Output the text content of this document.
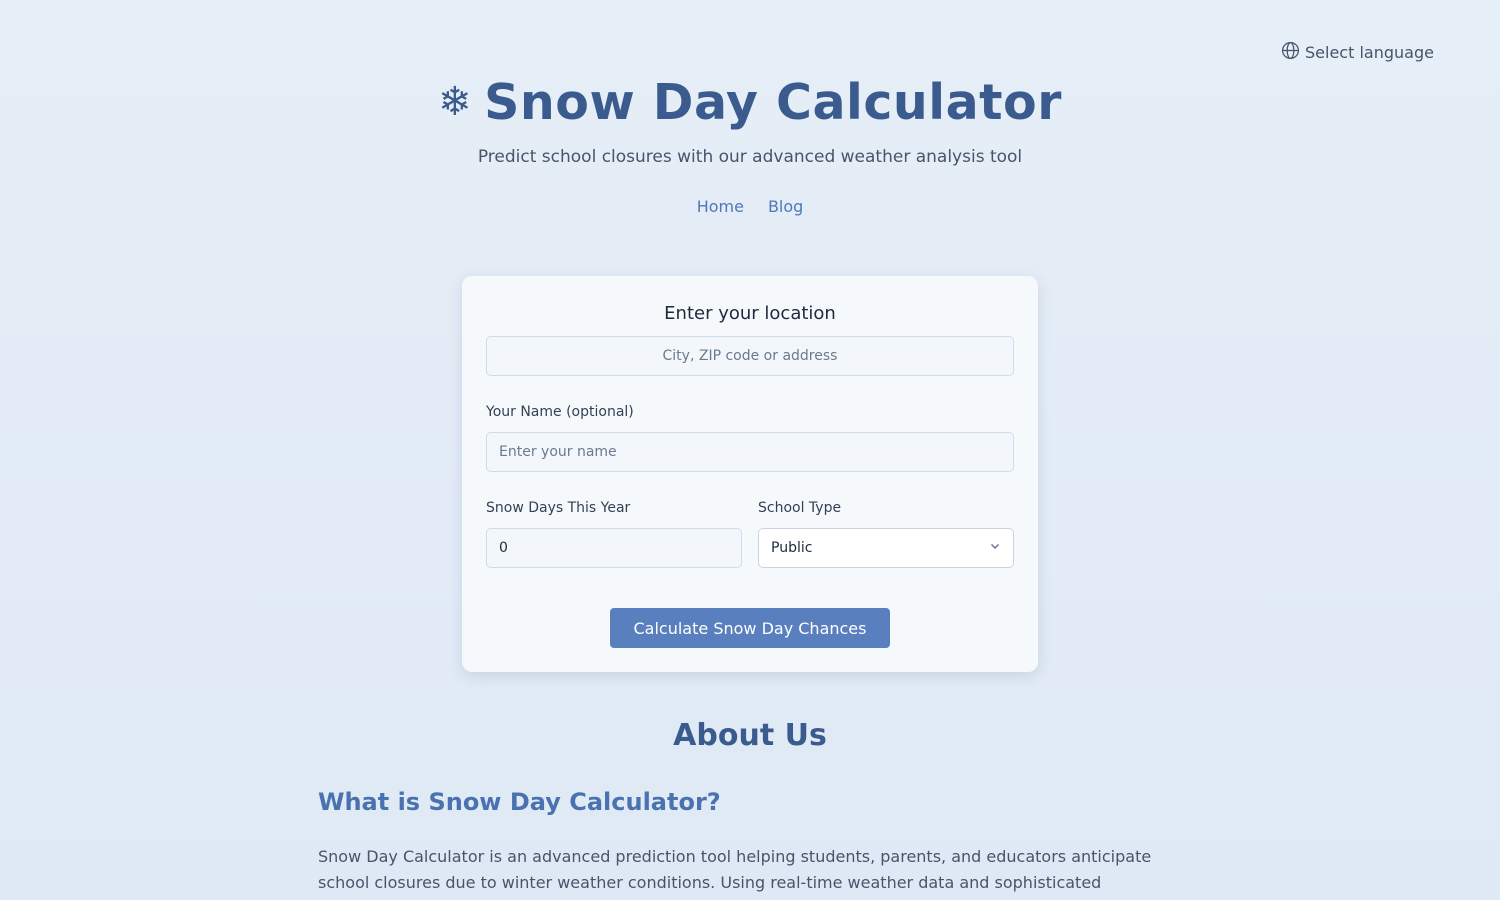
Select language
❄ Snow Day Calculator

Predict school closures with our advanced weather analysis tool

Home Blog
Enter your location
City, ZIP code or address
Your Name (optional)
Enter your name
Snow Days This Year
0	School Type
Public
Calculate Snow Day Chances
About Us
What is Snow Day Calculator?

Snow Day Calculator is an advanced prediction tool helping students, parents, and educators anticipate school closures due to winter weather conditions. Using real-time weather data and sophisticated
